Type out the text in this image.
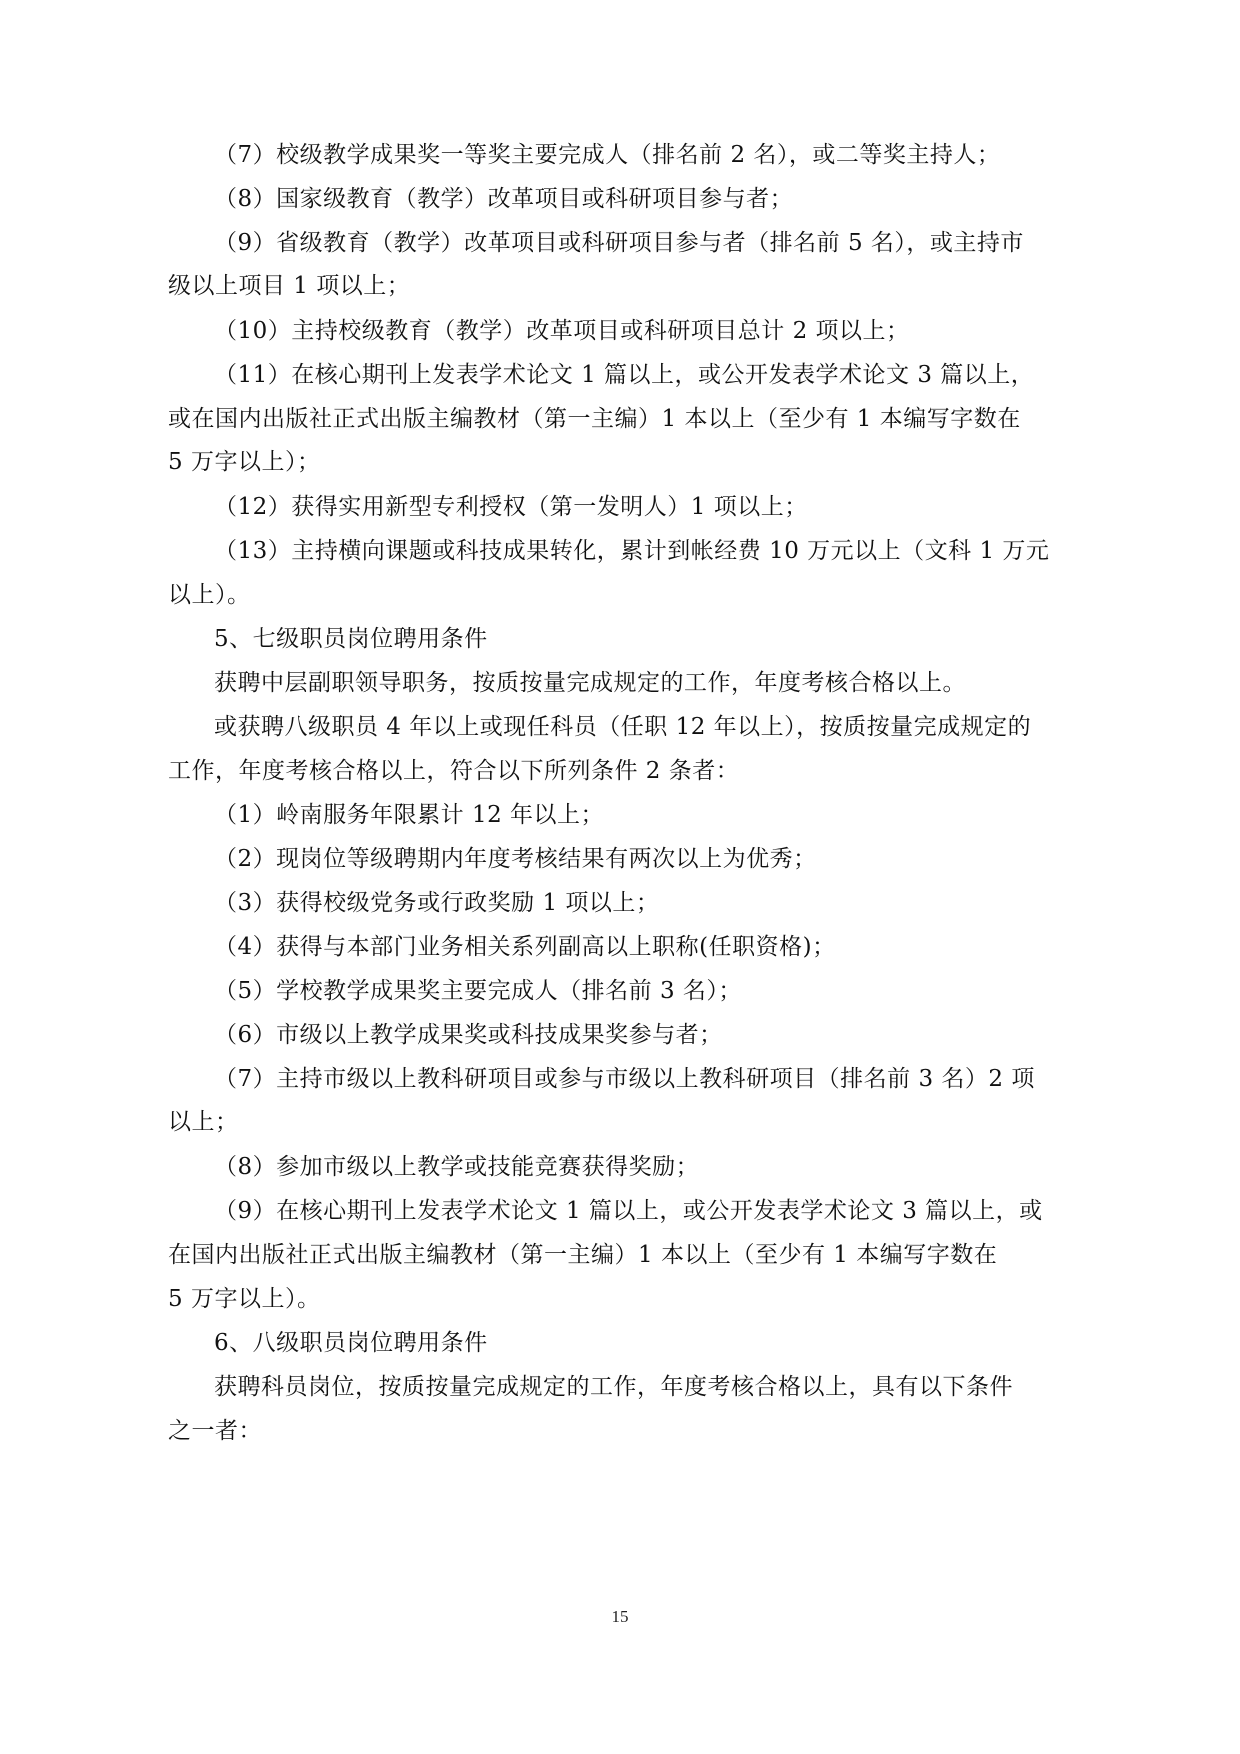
（7）校级教学成果奖一等奖主要完成人（排名前 2 名），或二等奖主持人；
（8）国家级教育（教学）改革项目或科研项目参与者；
（9）省级教育（教学）改革项目或科研项目参与者（排名前 5 名），或主持市
级以上项目 1 项以上；
（10）主持校级教育（教学）改革项目或科研项目总计 2 项以上；
（11）在核心期刊上发表学术论文 1 篇以上，或公开发表学术论文 3 篇以上，
或在国内出版社正式出版主编教材（第一主编）1 本以上（至少有 1 本编写字数在
5 万字以上）；
（12）获得实用新型专利授权（第一发明人）1 项以上；
（13）主持横向课题或科技成果转化，累计到帐经费 10 万元以上（文科 1 万元
以上）。
5、七级职员岗位聘用条件
获聘中层副职领导职务，按质按量完成规定的工作，年度考核合格以上。
或获聘八级职员 4 年以上或现任科员（任职 12 年以上），按质按量完成规定的
工作，年度考核合格以上，符合以下所列条件 2 条者：
（1）岭南服务年限累计 12 年以上；
（2）现岗位等级聘期内年度考核结果有两次以上为优秀；
（3）获得校级党务或行政奖励 1 项以上；
（4）获得与本部门业务相关系列副高以上职称(任职资格)；
（5）学校教学成果奖主要完成人（排名前 3 名）；
（6）市级以上教学成果奖或科技成果奖参与者；
（7）主持市级以上教科研项目或参与市级以上教科研项目（排名前 3 名）2 项
以上；
（8）参加市级以上教学或技能竞赛获得奖励；
（9）在核心期刊上发表学术论文 1 篇以上，或公开发表学术论文 3 篇以上，或
在国内出版社正式出版主编教材（第一主编）1 本以上（至少有 1 本编写字数在
5 万字以上）。
6、八级职员岗位聘用条件
获聘科员岗位，按质按量完成规定的工作，年度考核合格以上，具有以下条件
之一者：
15
